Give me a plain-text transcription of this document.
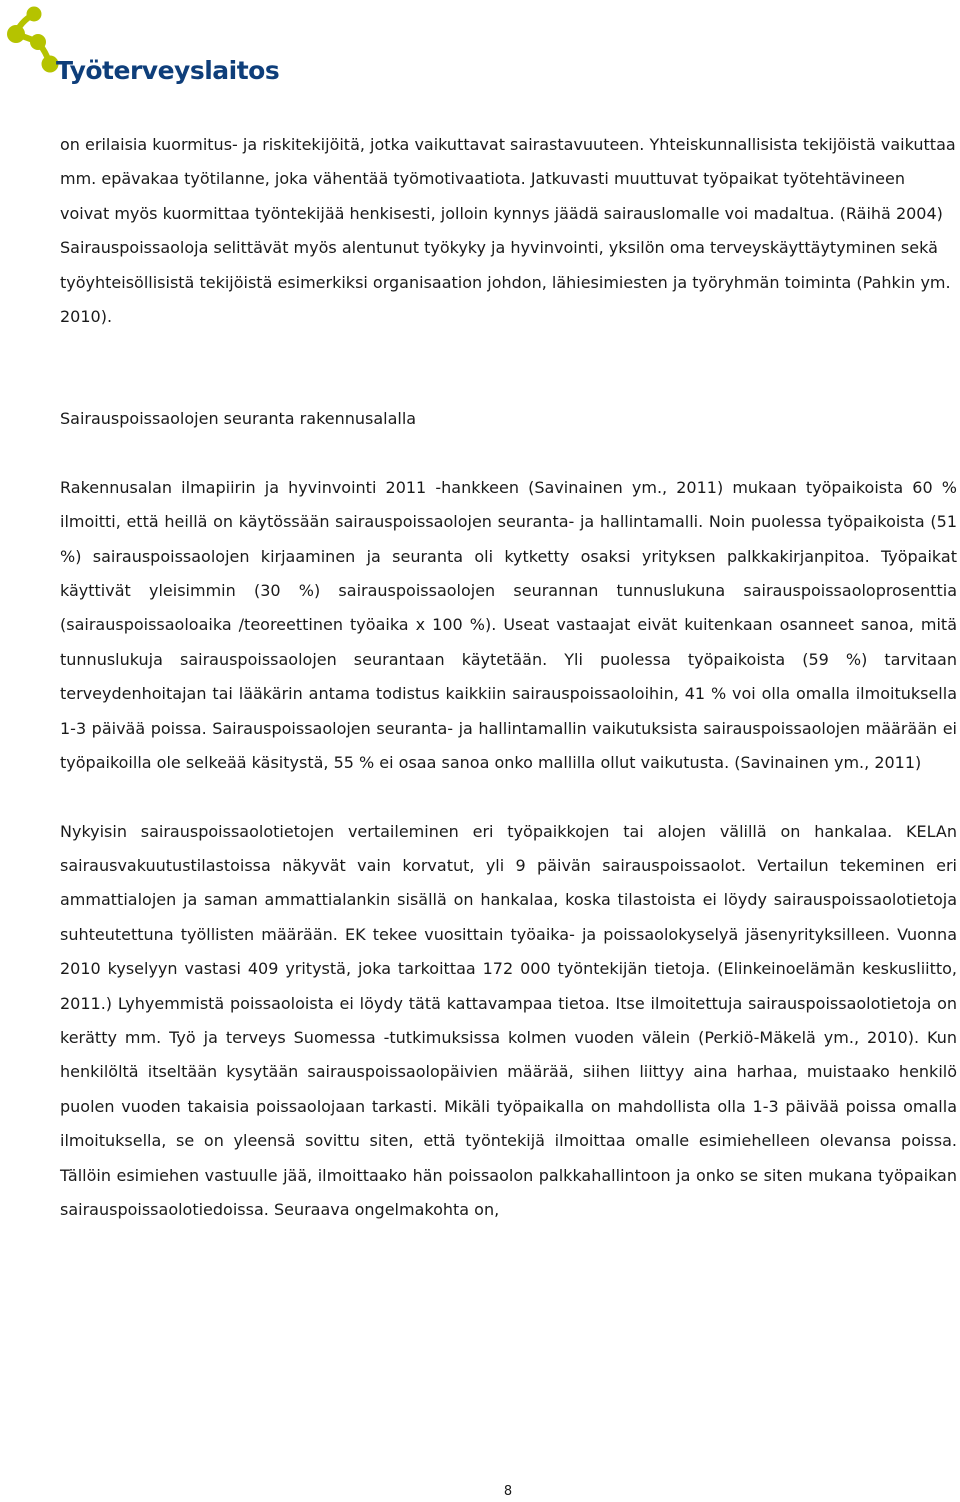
Työterveyslaitos

on erilaisia kuormitus- ja riskitekijöitä, jotka vaikuttavat sairastavuuteen. Yhteiskunnallisista tekijöistä vaikuttaa mm. epävakaa työtilanne, joka vähentää työmotivaatiota. Jatkuvasti muuttuvat työpaikat työtehtävineen voivat myös kuormittaa työntekijää henkisesti, jolloin kynnys jäädä sairauslomalle voi madaltua. (Räihä 2004) Sairauspoissaoloja selittävät myös alentunut työkyky ja hyvinvointi, yksilön oma terveyskäyttäytyminen sekä työyhteisöllisistä tekijöistä esimerkiksi organisaation johdon, lähiesimiesten ja työryhmän toiminta (Pahkin ym. 2010).

Sairauspoissaolojen seuranta rakennusalalla

Rakennusalan ilmapiirin ja hyvinvointi 2011 -hankkeen (Savinainen ym., 2011) mukaan työpaikoista 60 % ilmoitti, että heillä on käytössään sairauspoissaolojen seuranta- ja hallintamalli. Noin puolessa työpaikoista (51 %) sairauspoissaolojen kirjaaminen ja seuranta oli kytketty osaksi yrityksen palkkakirjanpitoa. Työpaikat käyttivät yleisimmin (30 %) sairauspoissaolojen seurannan tunnuslukuna sairauspoissaoloprosenttia (sairauspoissaoloaika /teoreettinen työaika x 100 %). Useat vastaajat eivät kuitenkaan osanneet sanoa, mitä tunnuslukuja sairauspoissaolojen seurantaan käytetään. Yli puolessa työpaikoista (59 %) tarvitaan terveydenhoitajan tai lääkärin antama todistus kaikkiin sairauspoissaoloihin, 41 % voi olla omalla ilmoituksella 1-3 päivää poissa. Sairauspoissaolojen seuranta- ja hallintamallin vaikutuksista sairauspoissaolojen määrään ei työpaikoilla ole selkeää käsitystä, 55 % ei osaa sanoa onko mallilla ollut vaikutusta. (Savinainen ym., 2011)

Nykyisin sairauspoissaolotietojen vertaileminen eri työpaikkojen tai alojen välillä on hankalaa. KELAn sairausvakuutustilastoissa näkyvät vain korvatut, yli 9 päivän sairauspoissaolot. Vertailun tekeminen eri ammattialojen ja saman ammattialankin sisällä on hankalaa, koska tilastoista ei löydy sairauspoissaolotietoja suhteutettuna työllisten määrään. EK tekee vuosittain työaika- ja poissaolokyselyä jäsenyrityksilleen. Vuonna 2010 kyselyyn vastasi 409 yritystä, joka tarkoittaa 172 000 työntekijän tietoja. (Elinkeinoelämän keskusliitto, 2011.) Lyhyemmistä poissaoloista ei löydy tätä kattavampaa tietoa. Itse ilmoitettuja sairauspoissaolotietoja on kerätty mm. Työ ja terveys Suomessa -tutkimuksissa kolmen vuoden välein (Perkiö-Mäkelä ym., 2010). Kun henkilöltä itseltään kysytään sairauspoissaolopäivien määrää, siihen liittyy aina harhaa, muistaako henkilö puolen vuoden takaisia poissaolojaan tarkasti. Mikäli työpaikalla on mahdollista olla 1-3 päivää poissa omalla ilmoituksella, se on yleensä sovittu siten, että työntekijä ilmoittaa omalle esimiehelleen olevansa poissa. Tällöin esimiehen vastuulle jää, ilmoittaako hän poissaolon palkkahallintoon ja onko se siten mukana työpaikan sairauspoissaolotiedoissa. Seuraava ongelmakohta on,

8
